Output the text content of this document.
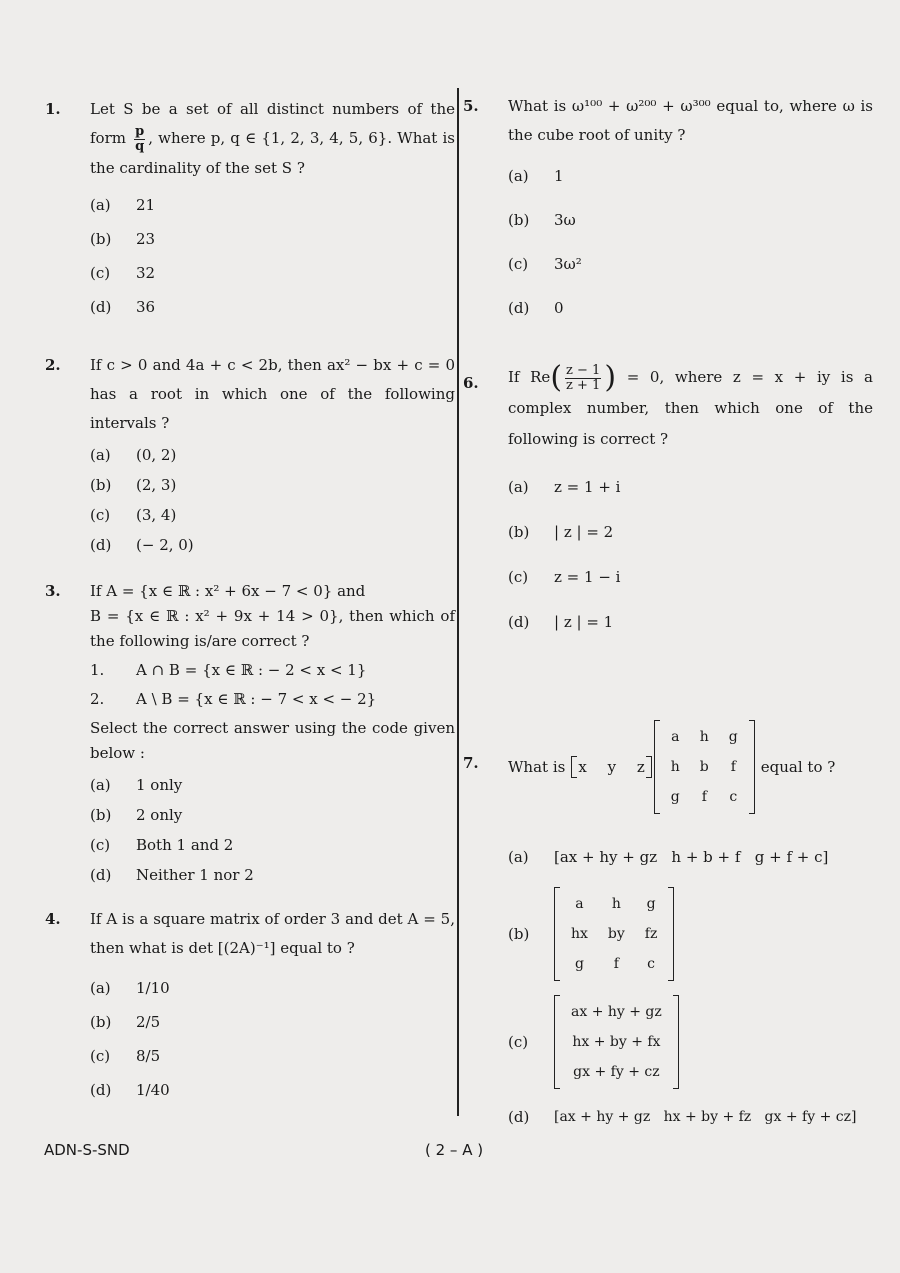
1. Let S be a set of all distinct numbers of the form $\frac{p}{q}$ , where p, q ∈ {1, 2, 3, 4, 5, 6}. What is the cardinality of the set S ?
(a)	21
(b)	23
(c)	32
(d)	36
2. If c > 0 and 4a + c < 2b, then ax² − bx + c = 0 has a root in which one of the following intervals ?
(a)	(0, 2)
(b)	(2, 3)
(c)	(3, 4)
(d)	(− 2, 0)
3. If A = {x ∈ ℝ : x² + 6x − 7 < 0} and
B = {x ∈ ℝ : x² + 9x + 14 > 0}, then which of the following is/are correct ?
1.	A ∩ B = {x ∈ ℝ : − 2 < x < 1}
2.	A \ B = {x ∈ ℝ : − 7 < x < − 2}
Select the correct answer using the code given below :
(a)	1 only
(b)	2 only
(c)	Both 1 and 2
(d)	Neither 1 nor 2
4. If A is a square matrix of order 3 and det A = 5, then what is det [(2A)⁻¹] equal to ?
(a)	1/10
(b)	2/5
(c)	8/5
(d)	1/40
5. What is ω¹⁰⁰ + ω²⁰⁰ + ω³⁰⁰ equal to, where ω is the cube root of unity ?
(a)	1
(b)	3ω
(c)	3ω²
(d)	0
6. If $Re( \frac{z - 1}{z + 1}$ ) = 0, where z = x + iy is a complex number, then which one of the following is correct ?
(a)	z = 1 + i
(b)	| z | = 2
(c)	z = 1 − i
(d)	| z | = 1
7. What is x y z
a	h	g
h	b	f
g	f	c
equal to ?
(a)	[ax + hy + gz   h + b + f   g + f + c]
(b)
a	h	g
hx	by	fz
g	f	c
(c)
ax + hy + gz
hx + by + fx
gx + fy + cz
(d)	[ax + hy + gz   hx + by + fz   gx + fy + cz]
ADN-S-SND	( 2 – A )
